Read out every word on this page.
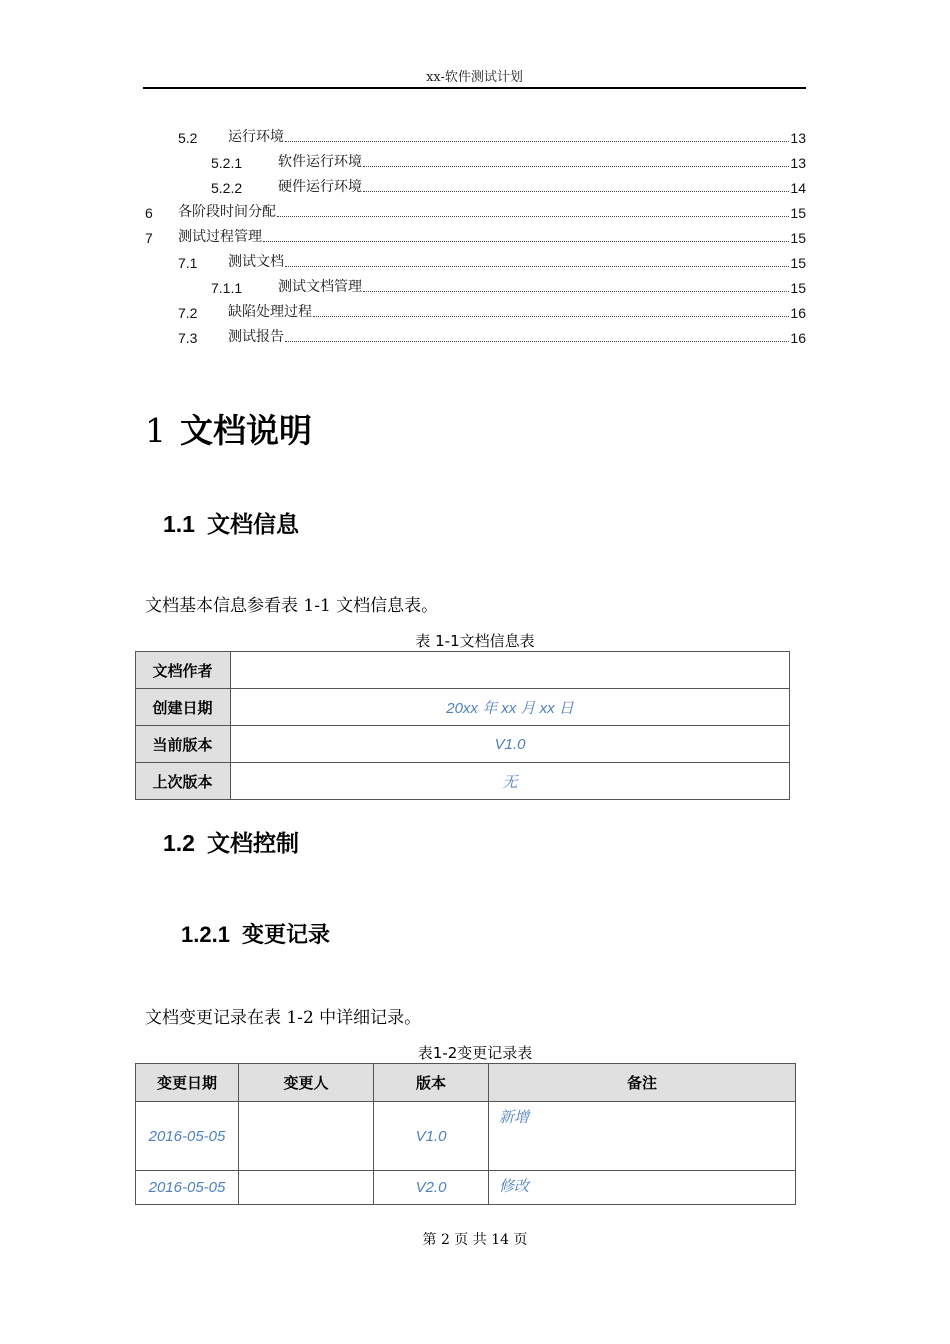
xx-软件测试计划
5.2	运行环境	13
5.2.1	软件运行环境	13
5.2.2	硬件运行环境	14
6	各阶段时间分配	15
7	测试过程管理	15
7.1	测试文档	15
7.1.1	测试文档管理	15
7.2	缺陷处理过程	16
7.3	测试报告	16
1 文档说明
1.1 文档信息
文档基本信息参看表 1-1 文档信息表。
表 1-1文档信息表
文档作者	
创建日期	20xx 年 xx 月 xx 日
当前版本	V1.0
上次版本	无
1.2 文档控制
1.2.1 变更记录
文档变更记录在表 1-2 中详细记录。
表1-2变更记录表
变更日期	变更人	版本	备注
2016-05-05		V1.0	新增
2016-05-05		V2.0	修改
第 2 页 共 14 页
